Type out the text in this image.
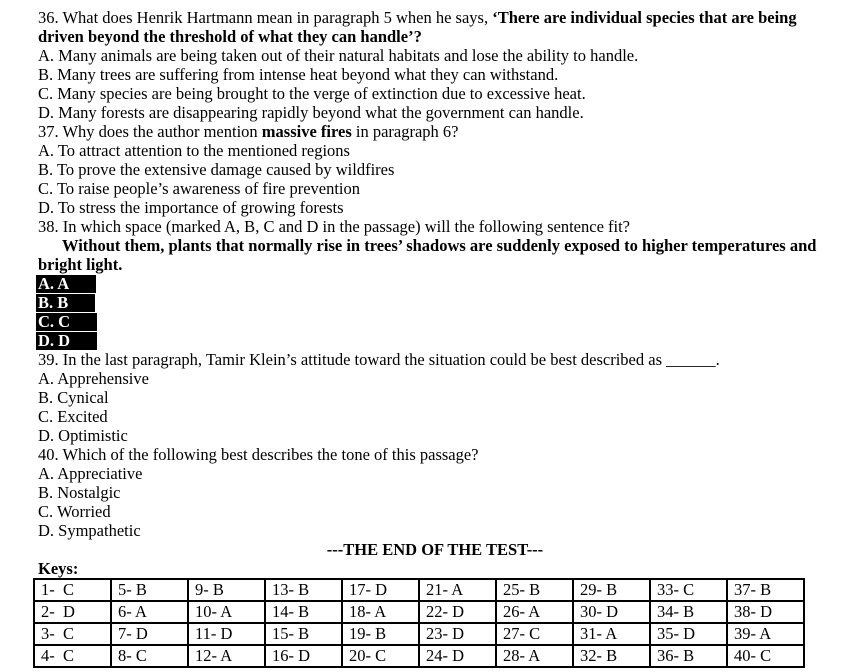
36. What does Henrik Hartmann mean in paragraph 5 when he says, ‘There are individual species that are being
driven beyond the threshold of what they can handle’?
A. Many animals are being taken out of their natural habitats and lose the ability to handle.
B. Many trees are suffering from intense heat beyond what they can withstand.
C. Many species are being brought to the verge of extinction due to excessive heat.
D. Many forests are disappearing rapidly beyond what the government can handle.
37. Why does the author mention massive fires in paragraph 6?
A. To attract attention to the mentioned regions
B. To prove the extensive damage caused by wildfires
C. To raise people’s awareness of fire prevention
D. To stress the importance of growing forests
38. In which space (marked A, B, C and D in the passage) will the following sentence fit?
Without them, plants that normally rise in trees’ shadows are suddenly exposed to higher temperatures and
bright light.
A. A
B. B
C. C
D. D
39. In the last paragraph, Tamir Klein’s attitude toward the situation could be best described as ______.
A. Apprehensive
B. Cynical
C. Excited
D. Optimistic
40. Which of the following best describes the tone of this passage?
A. Appreciative
B. Nostalgic
C. Worried
D. Sympathetic
---THE END OF THE TEST---
Keys:
1-  C	5- B	9- B	13- B	17- D	21- A	25- B	29- B	33- C	37- B
2-  D	6- A	10- A	14- B	18- A	22- D	26- A	30- D	34- B	38- D
3-  C	7- D	11- D	15- B	19- B	23- D	27- C	31- A	35- D	39- A
4-  C	8- C	12- A	16- D	20- C	24- D	28- A	32- B	36- B	40- C
